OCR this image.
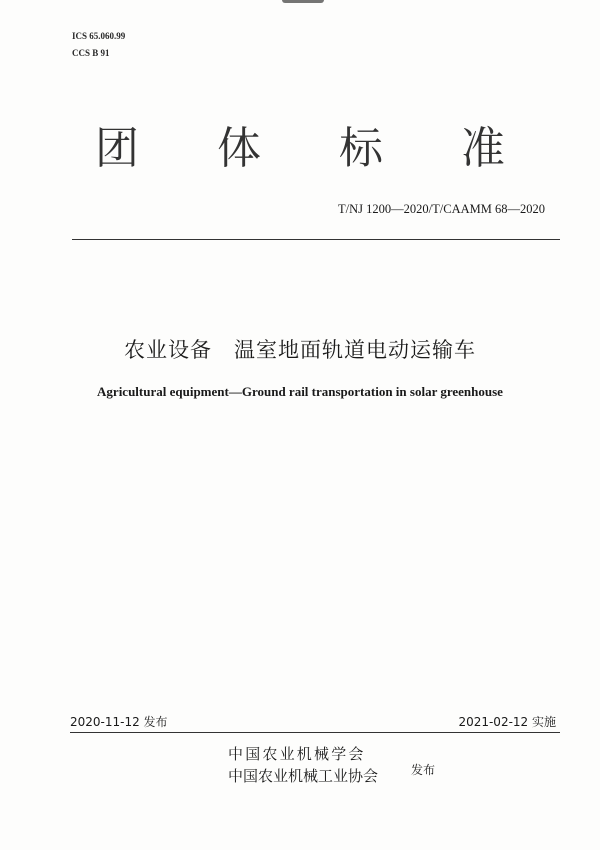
ICS 65.060.99
CCS B 91
团 体 标 准
T/NJ 1200—2020/T/CAAMM 68—2020
农业设备　温室地面轨道电动运输车
Agricultural equipment—Ground rail transportation in solar greenhouse
2020-11-12 发布	2021-02-12 实施
中国农业机械学会
中国农业机械工业协会	发布
